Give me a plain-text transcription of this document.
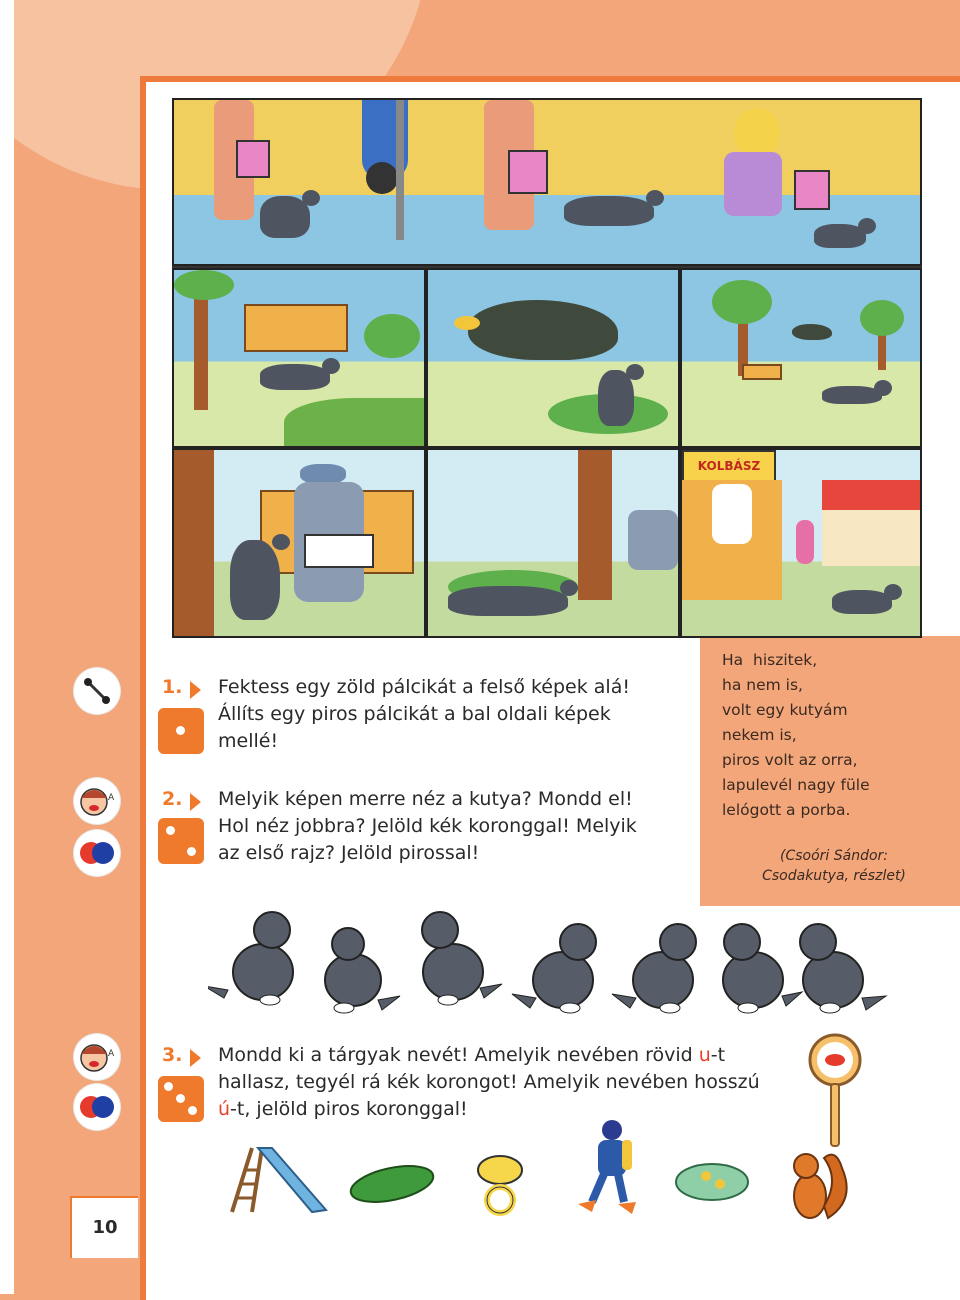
KOLBÁSZ
A
A
1. Fektess egy zöld pálcikát a felső képek alá!
Állíts egy piros pálcikát a bal oldali képek
mellé!
2. Melyik képen merre néz a kutya? Mondd el!
Hol néz jobbra? Jelöld kék koronggal! Melyik
az első rajz? Jelöld pirossal!
Ha  hiszitek,
ha nem is,
volt egy kutyám
nekem is,
piros volt az orra,
lapulevél nagy füle
lelógott a porba.
(Csoóri Sándor:
Csodakutya, részlet)
3. Mondd ki a tárgyak nevét! Amelyik nevében rövid u-t
hallasz, tegyél rá kék korongot! Amelyik nevében hosszú
ú-t, jelöld piros koronggal!
10
